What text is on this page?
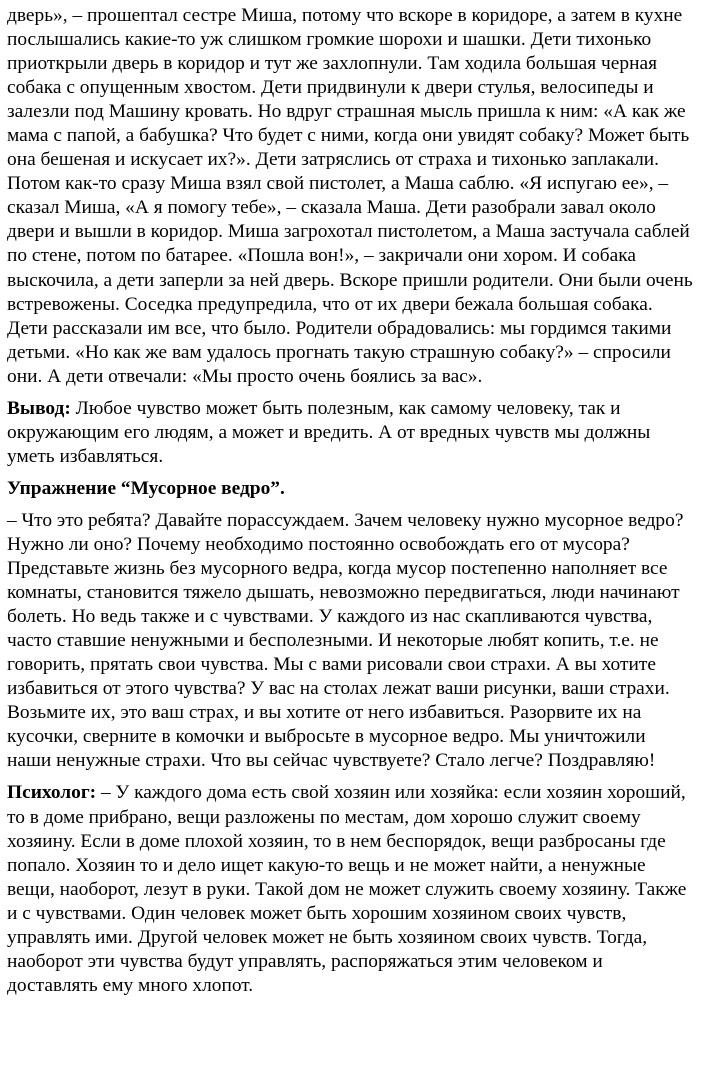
дверь», – прошептал сестре Миша, потому что вскоре в коридоре, а затем в кухне послышались какие-то уж слишком громкие шорохи и шашки. Дети тихонько приоткрыли дверь в коридор и тут же захлопнули. Там ходила большая черная собака с опущенным хвостом. Дети придвинули к двери стулья, велосипеды и залезли под Машину кровать. Но вдруг страшная мысль пришла к ним: «А как же мама с папой, а бабушка? Что будет с ними, когда они увидят собаку? Может быть она бешеная и искусает их?». Дети затряслись от страха и тихонько заплакали. Потом как-то сразу Миша взял свой пистолет, а Маша саблю. «Я испугаю ее», – сказал Миша, «А я помогу тебе», – сказала Маша. Дети разобрали завал около двери и вышли в коридор. Миша загрохотал пистолетом, а Маша застучала саблей по стене, потом по батарее. «Пошла вон!», – закричали они хором. И собака выскочила, а дети заперли за ней дверь. Вскоре пришли родители. Они были очень встревожены. Соседка предупредила, что от их двери бежала большая собака. Дети рассказали им все, что было. Родители обрадовались: мы гордимся такими детьми. «Но как же вам удалось прогнать такую страшную собаку?» – спросили они. А дети отвечали: «Мы просто очень боялись за вас».

Вывод: Любое чувство может быть полезным, как самому человеку, так и окружающим его людям, а может и вредить. А от вредных чувств мы должны уметь избавляться.

Упражнение “Мусорное ведро”.

– Что это ребята? Давайте порассуждаем. Зачем человеку нужно мусорное ведро? Нужно ли оно? Почему необходимо постоянно освобождать его от мусора? Представьте жизнь без мусорного ведра, когда мусор постепенно наполняет все комнаты, становится тяжело дышать, невозможно передвигаться, люди начинают болеть. Но ведь также и с чувствами. У каждого из нас скапливаются чувства, часто ставшие ненужными и бесполезными. И некоторые любят копить, т.е. не говорить, прятать свои чувства. Мы с вами рисовали свои страхи. А вы хотите избавиться от этого чувства? У вас на столах лежат ваши рисунки, ваши страхи. Возьмите их, это ваш страх, и вы хотите от него избавиться. Разорвите их на кусочки, сверните в комочки и выбросьте в мусорное ведро. Мы уничтожили наши ненужные страхи. Что вы сейчас чувствуете? Стало легче? Поздравляю!

Психолог: – У каждого дома есть свой хозяин или хозяйка: если хозяин хороший, то в доме прибрано, вещи разложены по местам, дом хорошо служит своему хозяину. Если в доме плохой хозяин, то в нем беспорядок, вещи разбросаны где попало. Хозяин то и дело ищет какую-то вещь и не может найти, а ненужные вещи, наоборот, лезут в руки. Такой дом не может служить своему хозяину. Также и с чувствами. Один человек может быть хорошим хозяином своих чувств, управлять ими. Другой человек может не быть хозяином своих чувств. Тогда, наоборот эти чувства будут управлять, распоряжаться этим человеком и доставлять ему много хлопот.
